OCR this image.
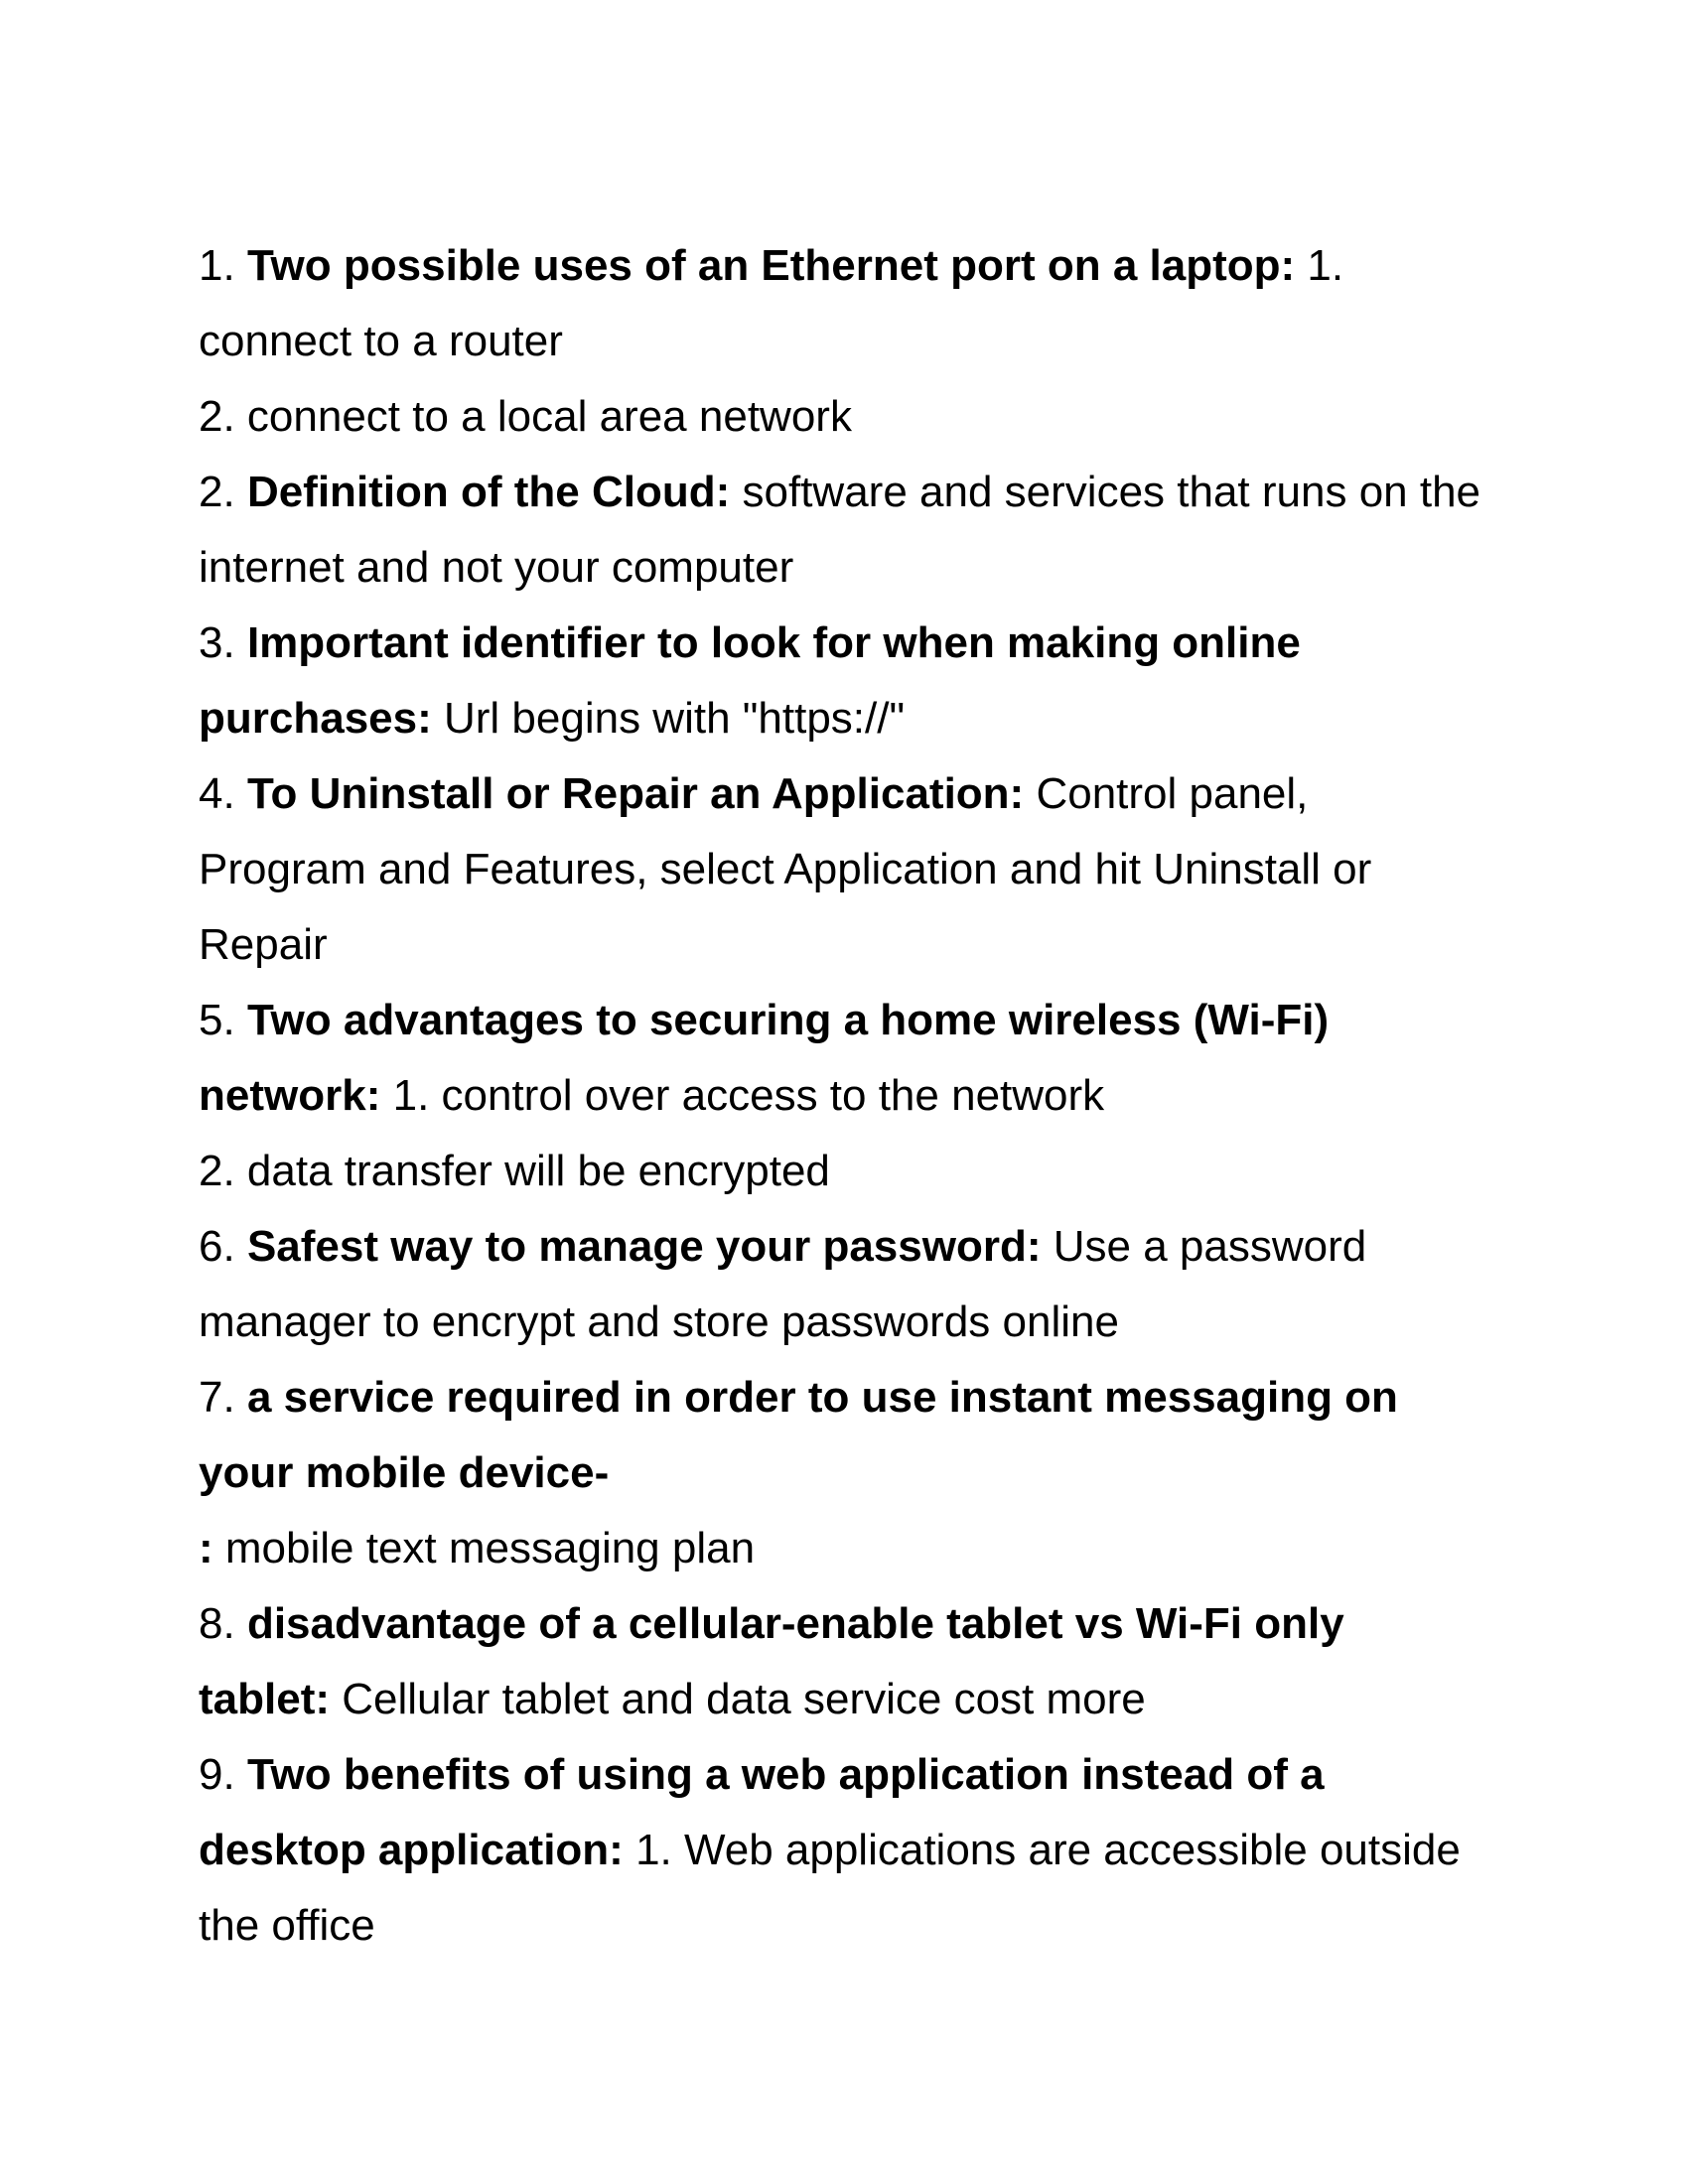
1. Two possible uses of an Ethernet port on a laptop: 1.

connect to a router

2. connect to a local area network

2. Definition of the Cloud: software and services that runs on the

internet and not your computer

3. Important identifier to look for when making online

purchases: Url begins with "https://"

4. To Uninstall or Repair an Application: Control panel,

Program and Features, select Application and hit Uninstall or

Repair

5. Two advantages to securing a home wireless (Wi-Fi)

network: 1. control over access to the network

2. data transfer will be encrypted

6. Safest way to manage your password: Use a password

manager to encrypt and store passwords online

7. a service required in order to use instant messaging on

your mobile device-

: mobile text messaging plan

8. disadvantage of a cellular-enable tablet vs Wi-Fi only

tablet: Cellular tablet and data service cost more

9. Two benefits of using a web application instead of a

desktop application: 1. Web applications are accessible outside

the office
